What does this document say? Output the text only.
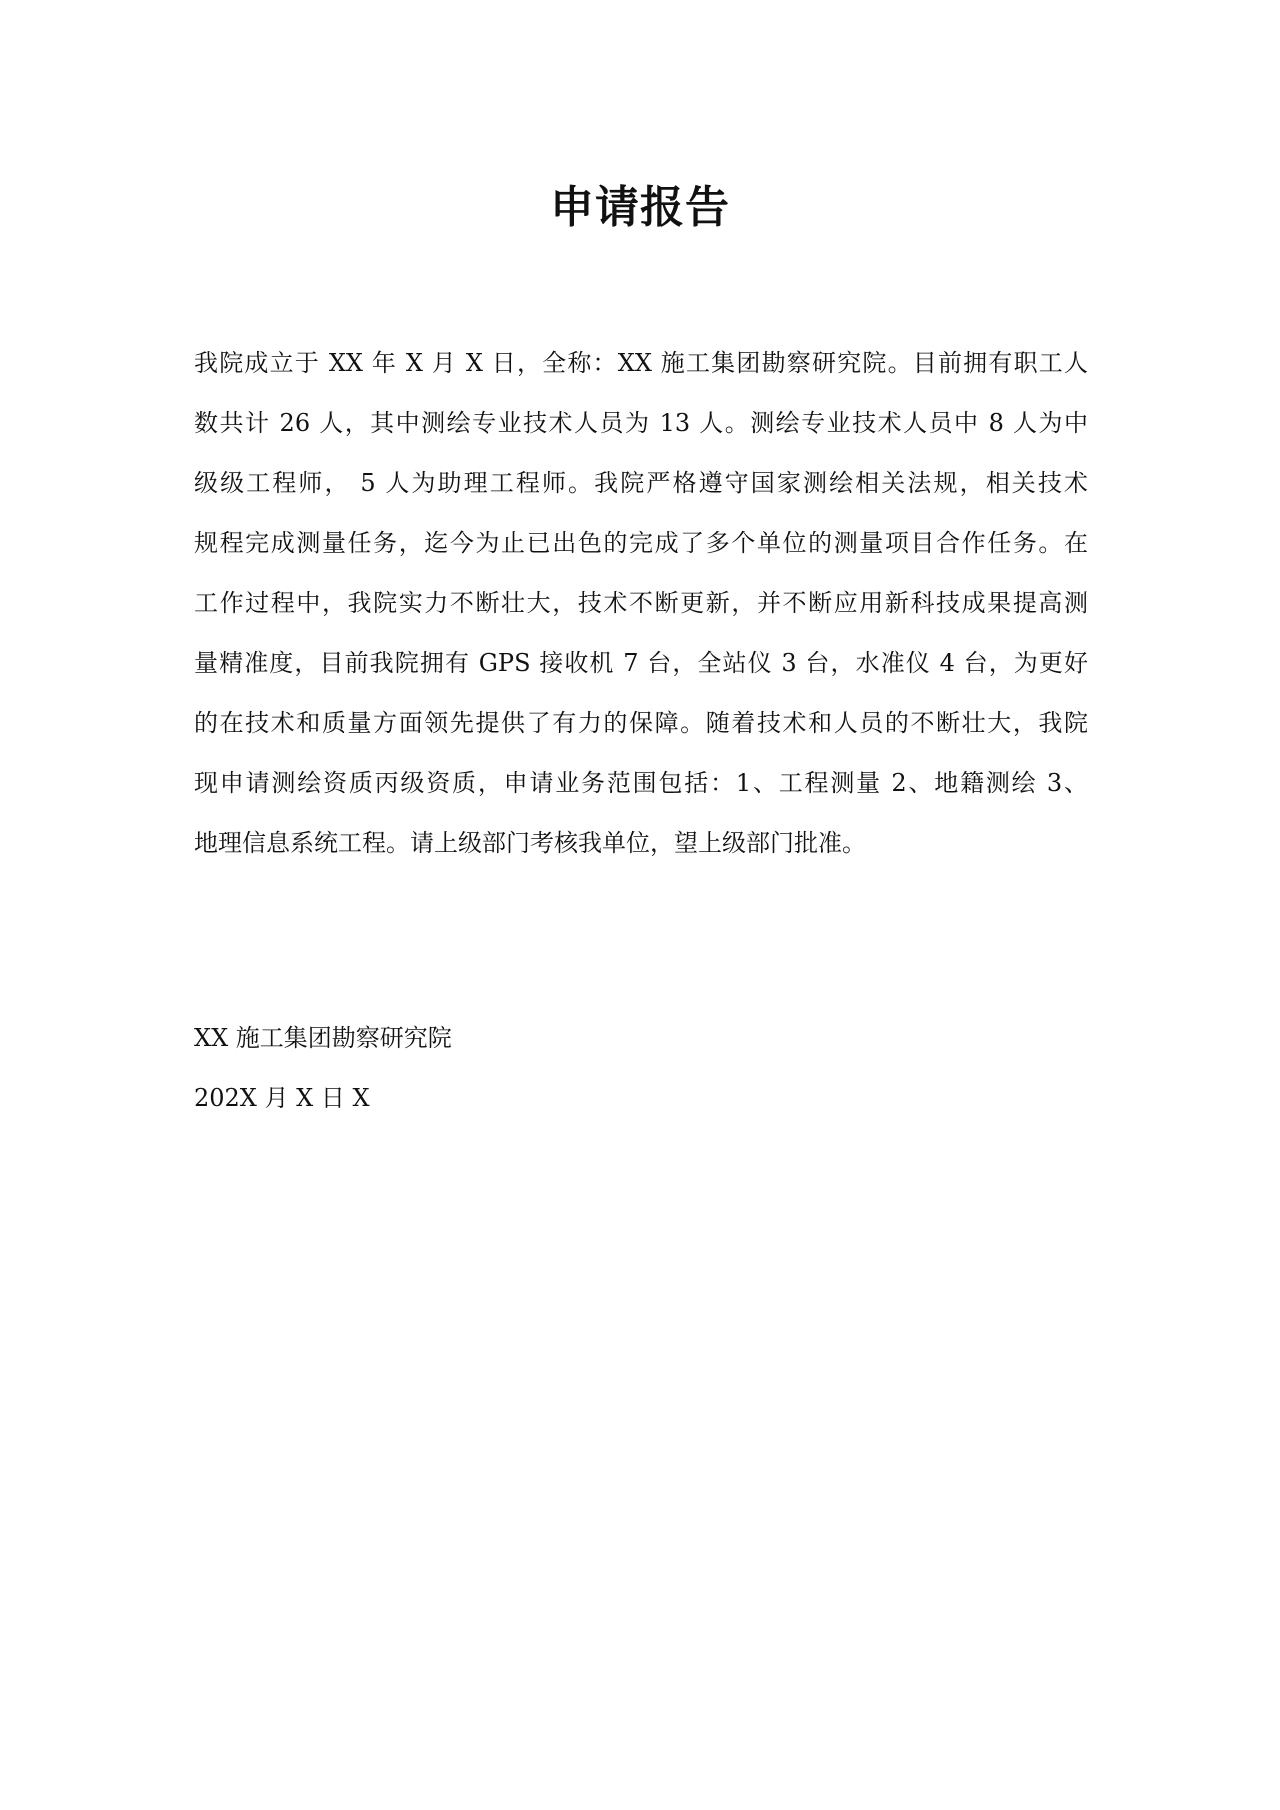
申请报告
我院成立于 XX 年 X 月 X 日，全称：XX 施工集团勘察研究院。目前拥有职工人
数共计 26 人，其中测绘专业技术人员为 13 人。测绘专业技术人员中 8 人为中
级级工程师， 5 人为助理工程师。我院严格遵守国家测绘相关法规，相关技术
规程完成测量任务，迄今为止已出色的完成了多个单位的测量项目合作任务。在
工作过程中，我院实力不断壮大，技术不断更新，并不断应用新科技成果提高测
量精准度，目前我院拥有 GPS 接收机 7 台，全站仪 3 台，水准仪 4 台，为更好
的在技术和质量方面领先提供了有力的保障。随着技术和人员的不断壮大，我院
现申请测绘资质丙级资质，申请业务范围包括：1、工程测量 2、地籍测绘 3、
地理信息系统工程。请上级部门考核我单位，望上级部门批准。
XX 施工集团勘察研究院
202X 月 X 日 X
